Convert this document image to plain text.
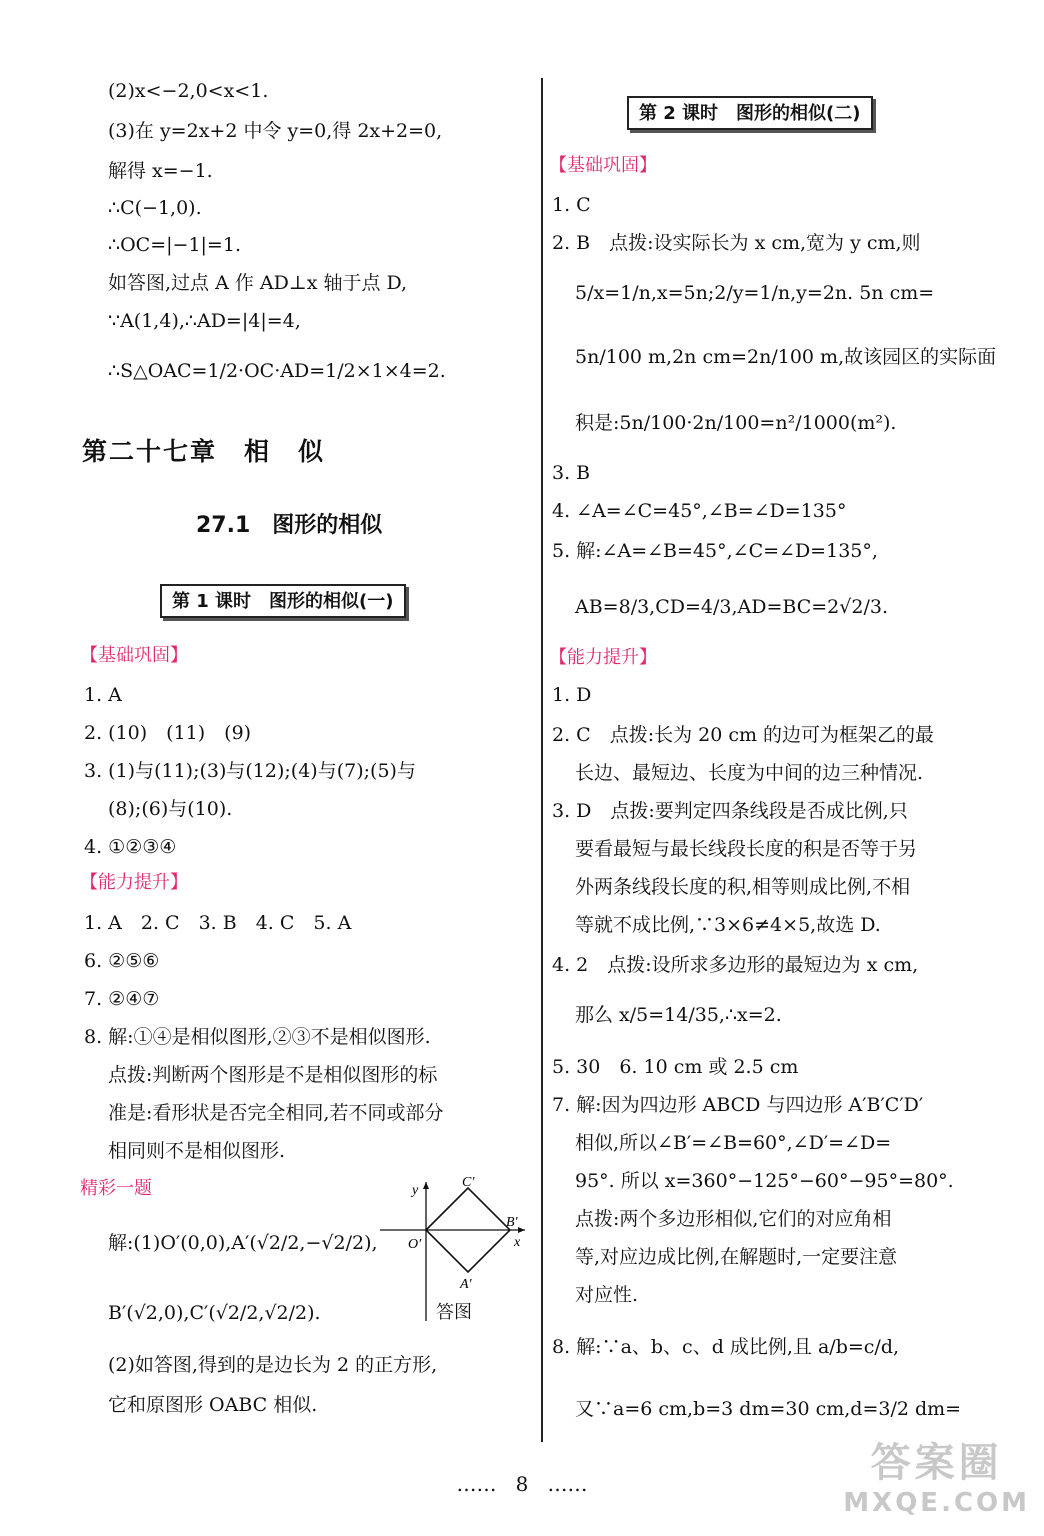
(2)x<−2,0<x<1.
(3)在 y=2x+2 中令 y=0,得 2x+2=0,
解得 x=−1.
∴C(−1,0).
∴OC=|−1|=1.
如答图,过点 A 作 AD⊥x 轴于点 D,
∵A(1,4),∴AD=|4|=4,
∴S△OAC=1/2·OC·AD=1/2×1×4=2.
第二十七章　相　似
27.1　图形的相似
第 1 课时　图形的相似(一)
【基础巩固】
1. A
2. (10)　(11)　(9)
3. (1)与(11);(3)与(12);(4)与(7);(5)与
(8);(6)与(10).
4. ①②③④
【能力提升】
1. A　2. C　3. B　4. C　5. A
6. ②⑤⑥
7. ②④⑦
8. 解:①④是相似图形,②③不是相似图形.
点拨:判断两个图形是不是相似图形的标
准是:看形状是否完全相同,若不同或部分
相同则不是相似图形.
精彩一题
解:(1)O′(0,0),A′(√2/2,−√2/2),
B′(√2,0),C′(√2/2,√2/2).
(2)如答图,得到的是边长为 2 的正方形,
它和原图形 OABC 相似.
y
x
O′
C′
B′
A′
答图
第 2 课时　图形的相似(二)
【基础巩固】
1. C
2. B　点拨:设实际长为 x cm,宽为 y cm,则
5/x=1/n,x=5n;2/y=1/n,y=2n. 5n cm=
5n/100 m,2n cm=2n/100 m,故该园区的实际面
积是:5n/100·2n/100=n²/1000(m²).
3. B
4. ∠A=∠C=45°,∠B=∠D=135°
5. 解:∠A=∠B=45°,∠C=∠D=135°,
AB=8/3,CD=4/3,AD=BC=2√2/3.
【能力提升】
1. D
2. C　点拨:长为 20 cm 的边可为框架乙的最
长边、最短边、长度为中间的边三种情况.
3. D　点拨:要判定四条线段是否成比例,只
要看最短与最长线段长度的积是否等于另
外两条线段长度的积,相等则成比例,不相
等就不成比例,∵3×6≠4×5,故选 D.
4. 2　点拨:设所求多边形的最短边为 x cm,
那么 x/5=14/35,∴x=2.
5. 30　6. 10 cm 或 2.5 cm
7. 解:因为四边形 ABCD 与四边形 A′B′C′D′
相似,所以∠B′=∠B=60°,∠D′=∠D=
95°. 所以 x=360°−125°−60°−95°=80°.
点拨:两个多边形相似,它们的对应角相
等,对应边成比例,在解题时,一定要注意
对应性.
8. 解:∵a、b、c、d 成比例,且 a/b=c/d,
又∵a=6 cm,b=3 dm=30 cm,d=3/2 dm=
…… 8 ……	答案圈
MXQE.COM
